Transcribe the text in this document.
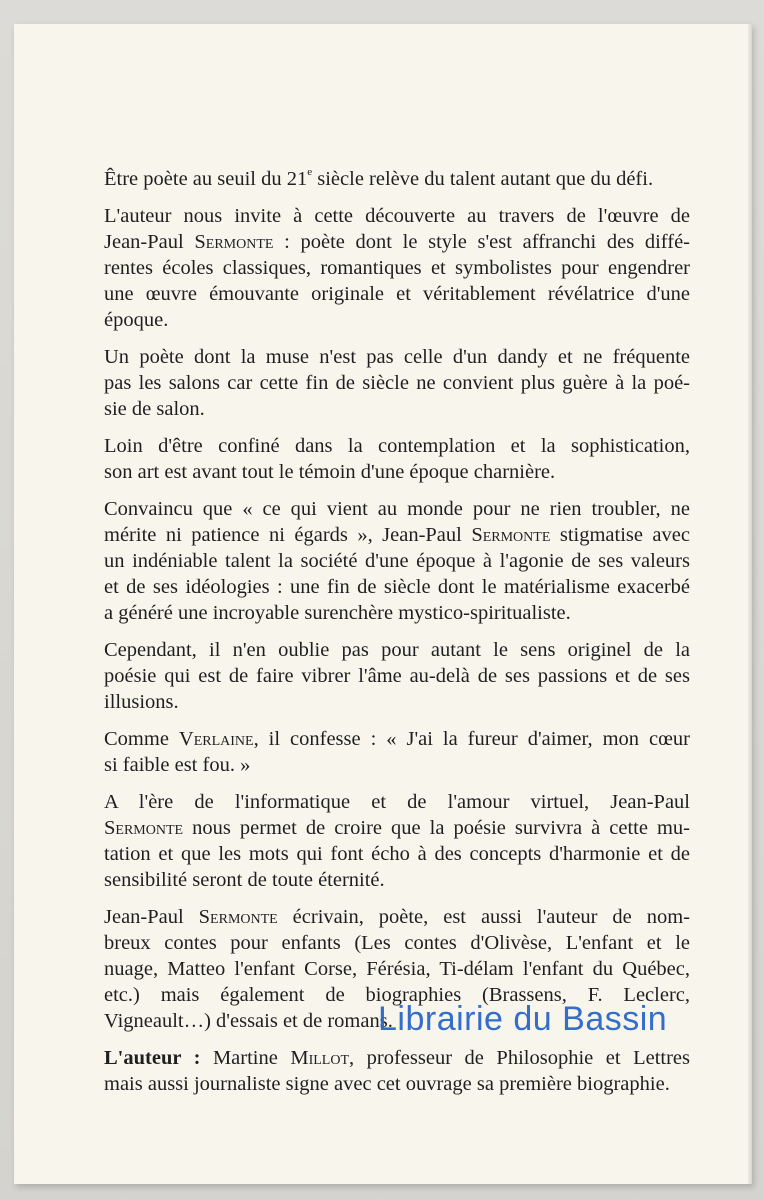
Être poète au seuil du 21e siècle relève du talent autant que du défi.

L'auteur nous invite à cette découverte au travers de l'œuvre de
Jean-Paul Sermonte : poète dont le style s'est affranchi des diffé-
rentes écoles classiques, romantiques et symbolistes pour engendrer
une œuvre émouvante originale et véritablement révélatrice d'une
époque.

Un poète dont la muse n'est pas celle d'un dandy et ne fréquente
pas les salons car cette fin de siècle ne convient plus guère à la poé-
sie de salon.

Loin d'être confiné dans la contemplation et la sophistication,
son art est avant tout le témoin d'une époque charnière.

Convaincu que « ce qui vient au monde pour ne rien troubler, ne
mérite ni patience ni égards », Jean-Paul Sermonte stigmatise avec
un indéniable talent la société d'une époque à l'agonie de ses valeurs
et de ses idéologies : une fin de siècle dont le matérialisme exacerbé
a généré une incroyable surenchère mystico-spiritualiste.

Cependant, il n'en oublie pas pour autant le sens originel de la
poésie qui est de faire vibrer l'âme au-delà de ses passions et de ses
illusions.

Comme Verlaine, il confesse : « J'ai la fureur d'aimer, mon cœur
si faible est fou. »

A l'ère de l'informatique et de l'amour virtuel, Jean-Paul
Sermonte nous permet de croire que la poésie survivra à cette mu-
tation et que les mots qui font écho à des concepts d'harmonie et de
sensibilité seront de toute éternité.

Jean-Paul Sermonte écrivain, poète, est aussi l'auteur de nom-
breux contes pour enfants (Les contes d'Olivèse, L'enfant et le
nuage, Matteo l'enfant Corse, Férésia, Ti-délam l'enfant du Québec,
etc.) mais également de biographies (Brassens, F. Leclerc,
Vigneault…) d'essais et de romans.

L'auteur : Martine Millot, professeur de Philosophie et Lettres
mais aussi journaliste signe avec cet ouvrage sa première biographie.

Librairie du Bassin
